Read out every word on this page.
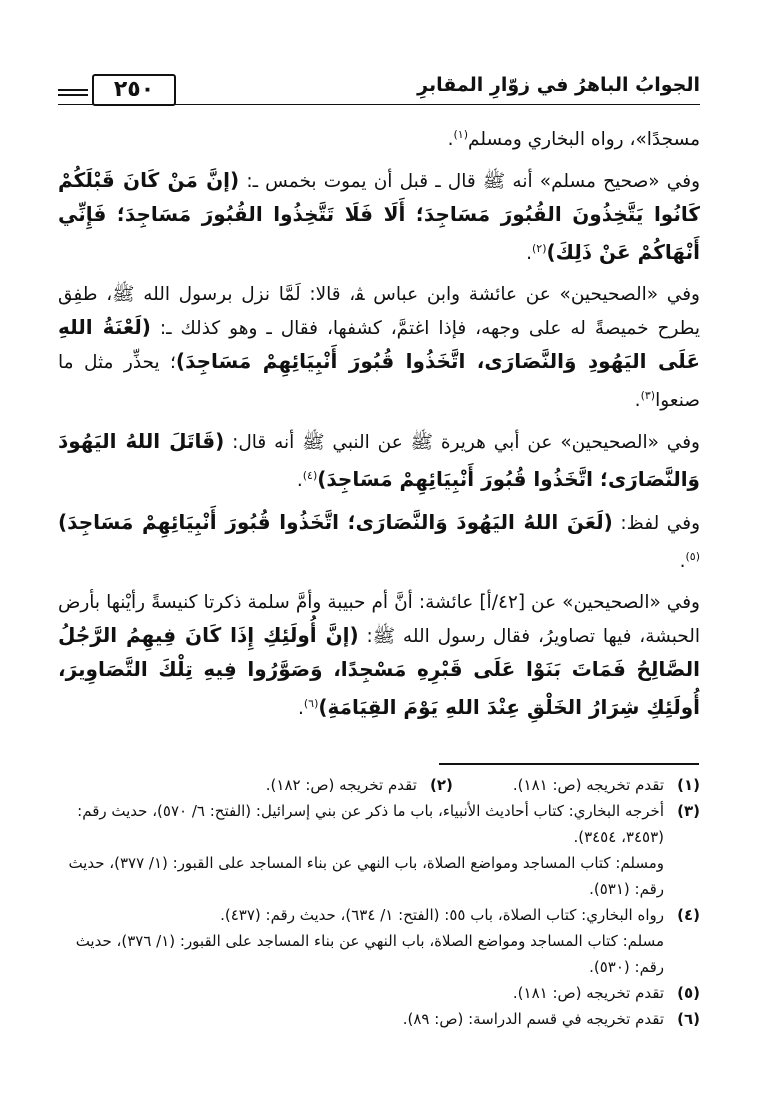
الجوابُ الباهرُ في زوّارِ المقابرِ
٢٥٠

مسجدًا»، رواه البخاري ومسلم$^{(١)}$.

وفي «صحيح مسلم» أنه ﷺ قال ـ قبل أن يموت بخمس ـ: (إنَّ مَنْ كَانَ قَبْلَكُمْ كَانُوا يَتَّخِذُونَ القُبُورَ مَسَاجِدَ؛ أَلَا فَلَا تَتَّخِذُوا القُبُورَ مَسَاجِدَ؛ فَإِنِّي أَنْهَاكُمْ عَنْ ذَلِكَ)$^{(٢)}$.

وفي «الصحيحين» عن عائشة وابن عباس ﭭ، قالا: لَمَّا نزل برسول الله ﷺ، طفِق يطرح خميصةً له على وجهه، فإذا اغتمَّ، كشفها، فقال ـ وهو كذلك ـ: (لَعْنَةُ اللهِ عَلَى اليَهُودِ وَالنَّصَارَى، اتَّخَذُوا قُبُورَ أَنْبِيَائِهِمْ مَسَاجِدَ)؛ يحذِّر مثل ما صنعوا$^{(٣)}$.

وفي «الصحيحين» عن أبي هريرة ﷺ عن النبي ﷺ أنه قال: (قَاتَلَ اللهُ اليَهُودَ وَالنَّصَارَى؛ اتَّخَذُوا قُبُورَ أَنْبِيَائِهِمْ مَسَاجِدَ)$^{(٤)}$.

وفي لفظ: (لَعَنَ اللهُ اليَهُودَ وَالنَّصَارَى؛ اتَّخَذُوا قُبُورَ أَنْبِيَائِهِمْ مَسَاجِدَ)$^{(٥)}$.

وفي «الصحيحين» عن [٤٢/أ] عائشة: أنَّ أم حبيبة وأمَّ سلمة ذكرتا كنيسةً رأيْنها بأرض الحبشة، فيها تصاويرُ، فقال رسول الله ﷺ: (إنَّ أُولَئِكِ إِذَا كَانَ فِيهِمُ الرَّجُلُ الصَّالِحُ فَمَاتَ بَنَوْا عَلَى قَبْرِهِ مَسْجِدًا، وَصَوَّرُوا فِيهِ تِلْكَ التَّصَاوِيرَ، أُولَئِكِ شِرَارُ الخَلْقِ عِنْدَ اللهِ يَوْمَ القِيَامَةِ)$^{(٦)}$.

(١)
تقدم تخريجه (ص: ١٨١).
(٢)
تقدم تخريجه (ص: ١٨٢).
(٣)
أخرجه البخاري: كتاب أحاديث الأنبياء، باب ما ذكر عن بني إسرائيل: (الفتح: ٦/ ٥٧٠)، حديث رقم: (٣٤٥٣، ٣٤٥٤).
ومسلم: كتاب المساجد ومواضع الصلاة، باب النهي عن بناء المساجد على القبور: (١/ ٣٧٧)، حديث رقم: (٥٣١).
(٤)
رواه البخاري: كتاب الصلاة، باب ٥٥: (الفتح: ١/ ٦٣٤)، حديث رقم: (٤٣٧).
مسلم: كتاب المساجد ومواضع الصلاة، باب النهي عن بناء المساجد على القبور: (١/ ٣٧٦)، حديث رقم: (٥٣٠).
(٥)
تقدم تخريجه (ص: ١٨١).
(٦)
تقدم تخريجه في قسم الدراسة: (ص: ٨٩).
